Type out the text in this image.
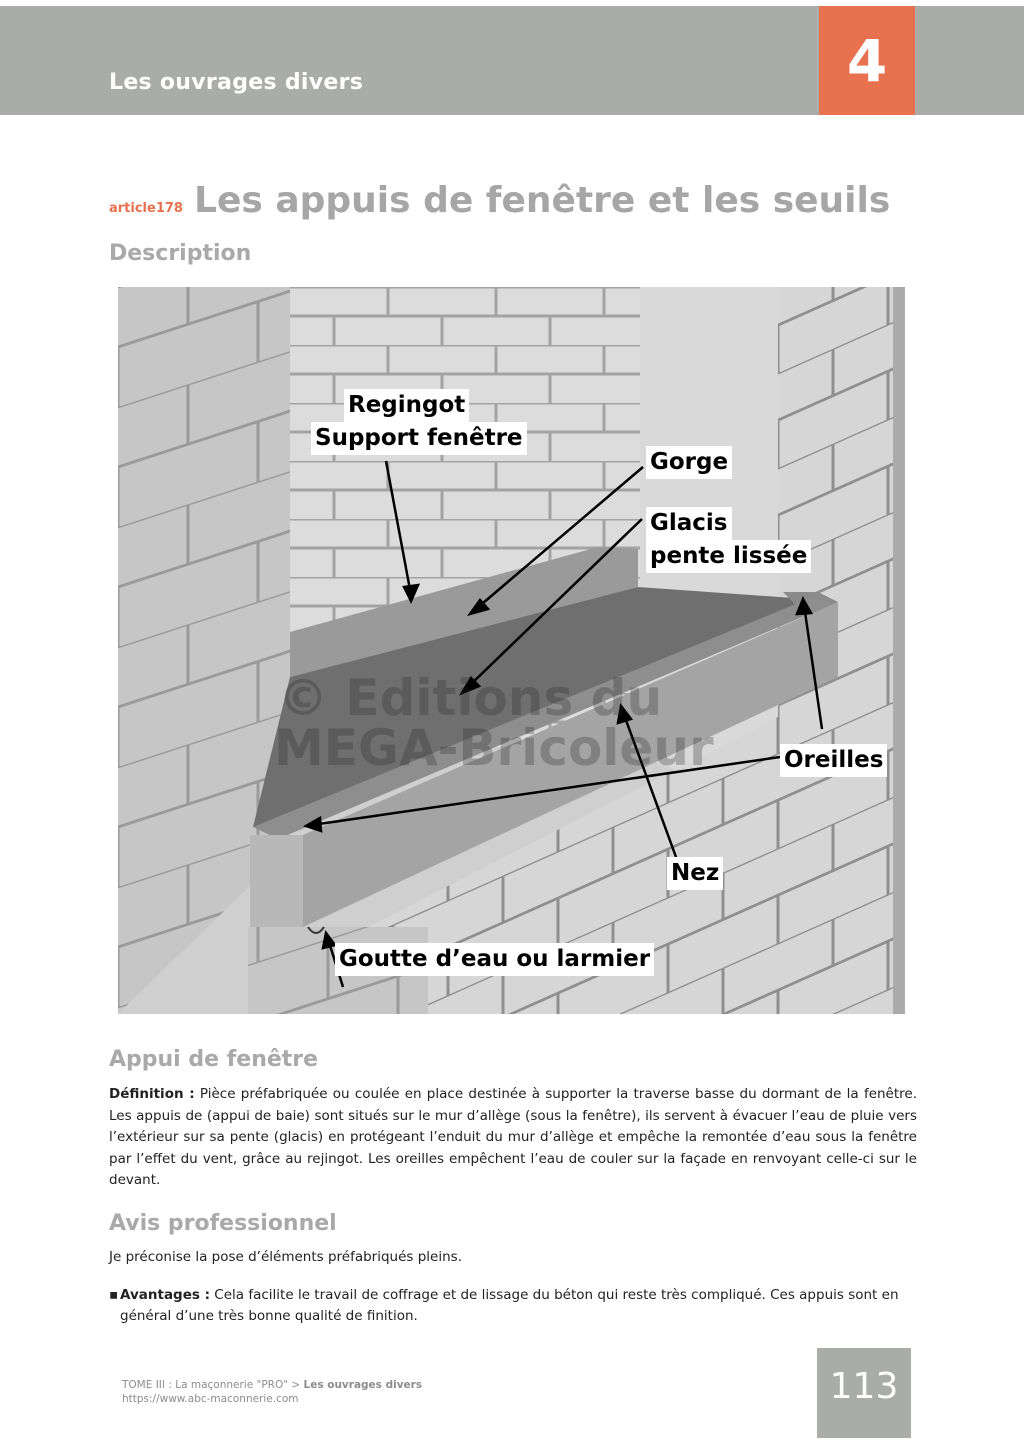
Les ouvrages divers	4
article178 Les appuis de fenêtre et les seuils
Description
© Editions du
MEGA-Bricoleur
Regingot
Support fenêtre
Gorge
Glacis
pente lissée
Oreilles
Nez
Goutte d’eau ou larmier
Appui de fenêtre
Définition : Pièce préfabriquée ou coulée en place destinée à supporter la traverse basse du dormant de la fenêtre. Les appuis de (appui de baie) sont situés sur le mur d’allège (sous la fenêtre), ils servent à évacuer l’eau de pluie vers l’extérieur sur sa pente (glacis) en protégeant l’enduit du mur d’allège et empêche la remontée d’eau sous la fenêtre par l’effet du vent, grâce au rejingot. Les oreilles empêchent l’eau de couler sur la façade en renvoyant celle-ci sur le devant.
Avis professionnel
Je préconise la pose d’éléments préfabriqués pleins.
▪ Avantages : Cela facilite le travail de coffrage et de lissage du béton qui reste très compliqué. Ces appuis sont en général d’une très bonne qualité de finition.
TOME III : La maçonnerie "PRO" > Les ouvrages divers
https://www.abc-maconnerie.com	113
